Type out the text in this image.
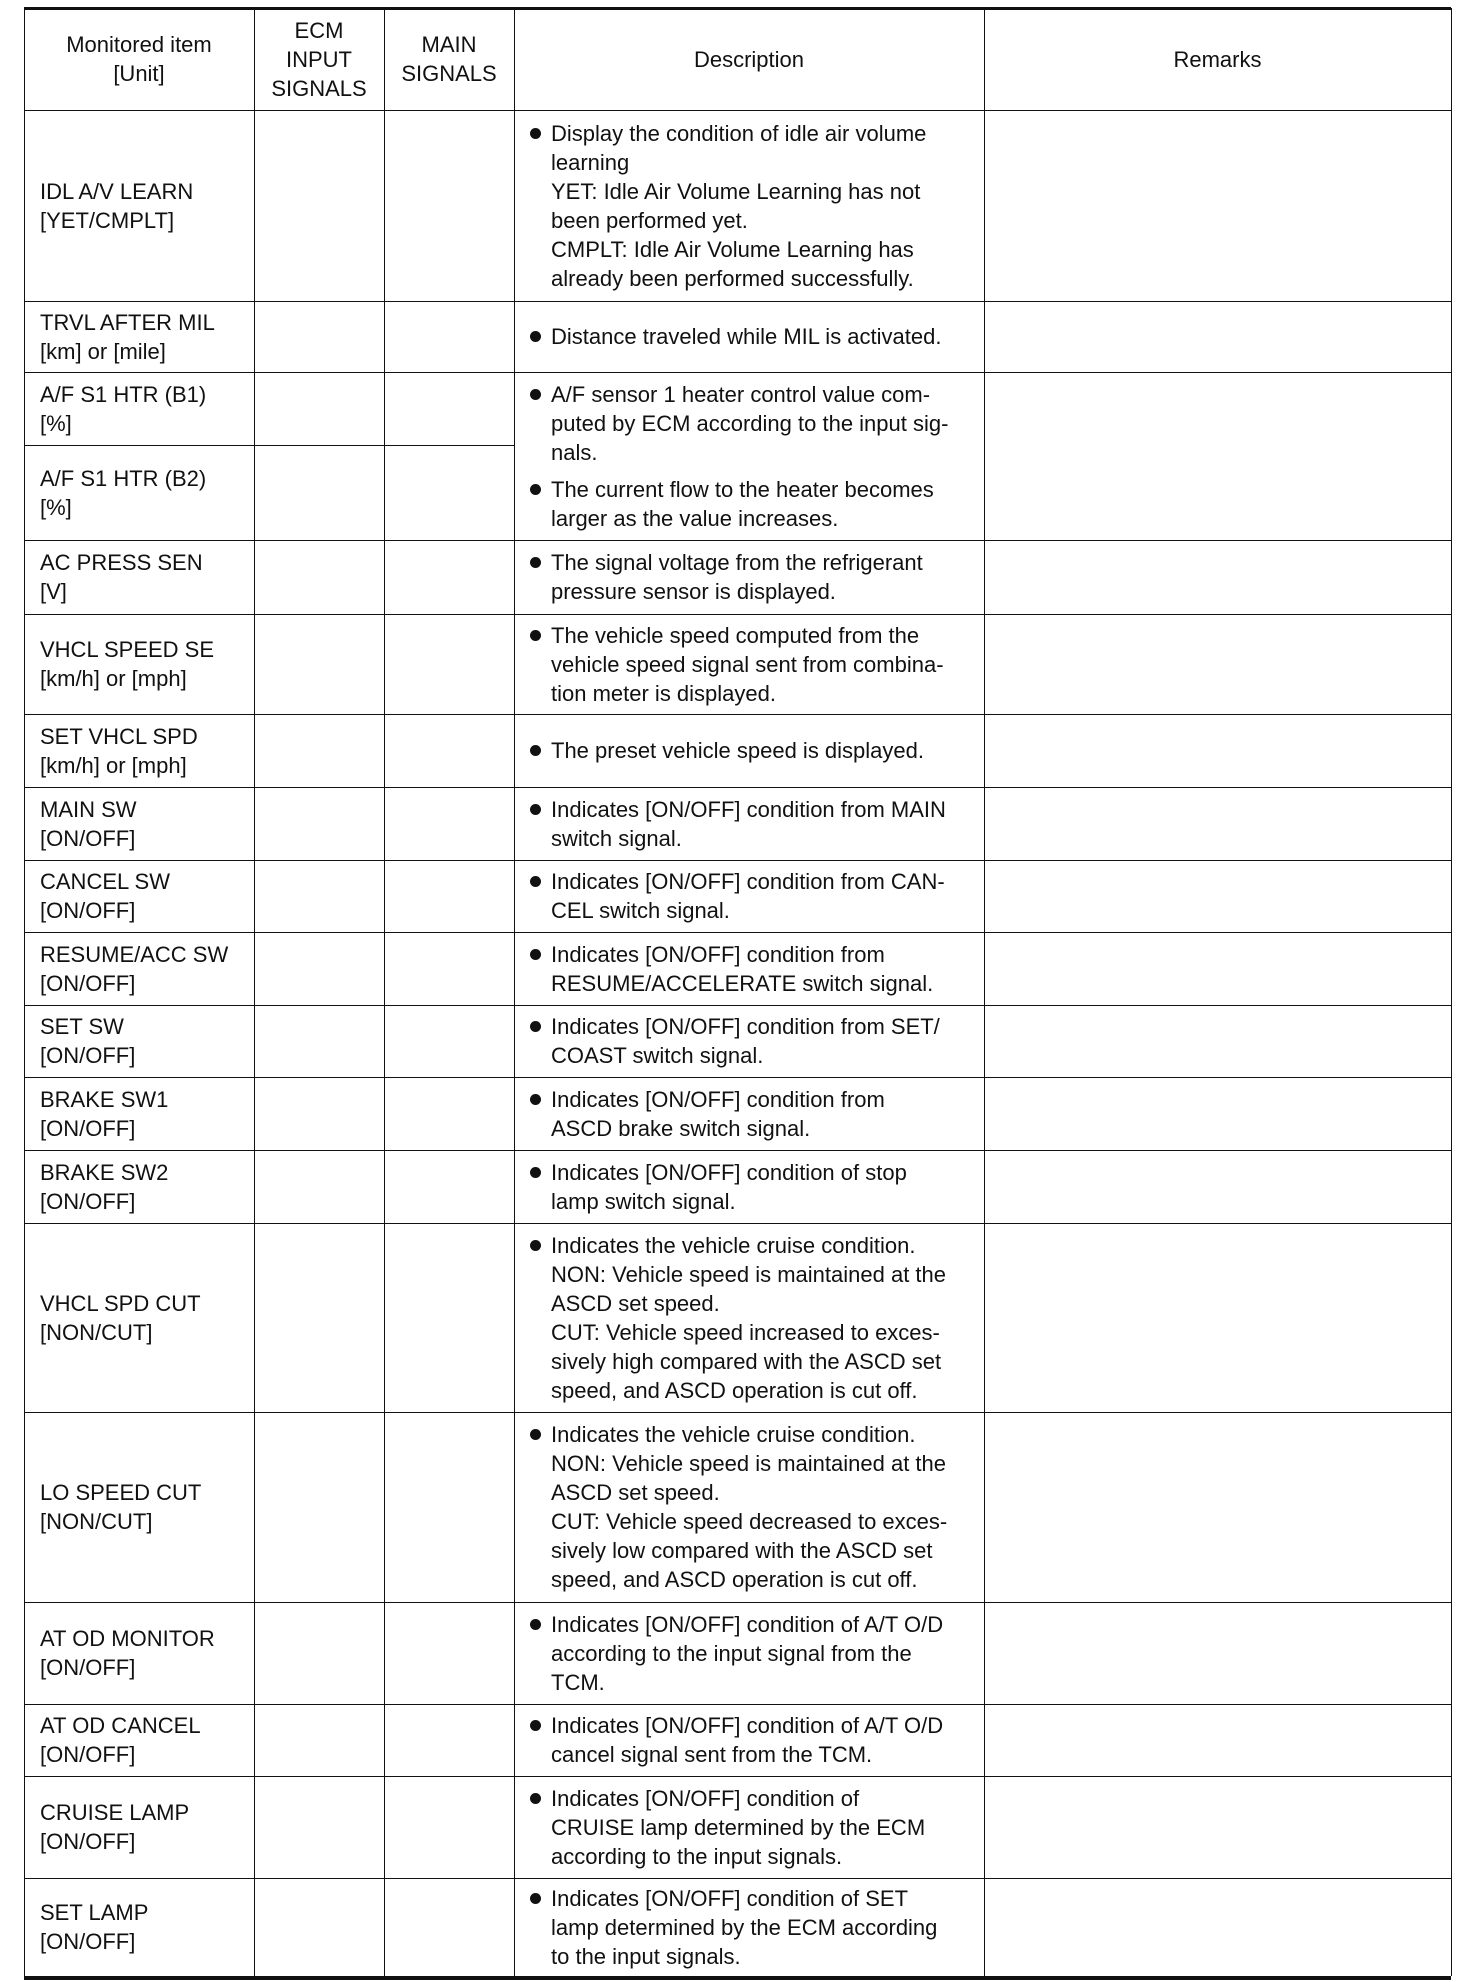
Monitored item
[Unit]
ECM
INPUT
SIGNALS
MAIN
SIGNALS
Description	Remarks
IDL A/V LEARN
[YET/CMPLT]
TRVL AFTER MIL
[km] or [mile]
A/F S1 HTR (B1)
[%]
A/F S1 HTR (B2)
[%]
AC PRESS SEN
[V]
VHCL SPEED SE
[km/h] or [mph]
SET VHCL SPD
[km/h] or [mph]
MAIN SW
[ON/OFF]
CANCEL SW
[ON/OFF]
RESUME/ACC SW
[ON/OFF]
SET SW
[ON/OFF]
BRAKE SW1
[ON/OFF]
BRAKE SW2
[ON/OFF]
VHCL SPD CUT
[NON/CUT]
LO SPEED CUT
[NON/CUT]
AT OD MONITOR
[ON/OFF]
AT OD CANCEL
[ON/OFF]
CRUISE LAMP
[ON/OFF]
SET LAMP
[ON/OFF]
Display the condition of idle air volume
learning
YET: Idle Air Volume Learning has not
been performed yet.
CMPLT: Idle Air Volume Learning has
already been performed successfully.
Distance traveled while MIL is activated.
A/F sensor 1 heater control value com-
puted by ECM according to the input sig-
nals.
The current flow to the heater becomes
larger as the value increases.
The signal voltage from the refrigerant
pressure sensor is displayed.
The vehicle speed computed from the
vehicle speed signal sent from combina-
tion meter is displayed.
The preset vehicle speed is displayed.
Indicates [ON/OFF] condition from MAIN
switch signal.
Indicates [ON/OFF] condition from CAN-
CEL switch signal.
Indicates [ON/OFF] condition from
RESUME/ACCELERATE switch signal.
Indicates [ON/OFF] condition from SET/
COAST switch signal.
Indicates [ON/OFF] condition from
ASCD brake switch signal.
Indicates [ON/OFF] condition of stop
lamp switch signal.
Indicates the vehicle cruise condition.
NON: Vehicle speed is maintained at the
ASCD set speed.
CUT: Vehicle speed increased to exces-
sively high compared with the ASCD set
speed, and ASCD operation is cut off.
Indicates the vehicle cruise condition.
NON: Vehicle speed is maintained at the
ASCD set speed.
CUT: Vehicle speed decreased to exces-
sively low compared with the ASCD set
speed, and ASCD operation is cut off.
Indicates [ON/OFF] condition of A/T O/D
according to the input signal from the
TCM.
Indicates [ON/OFF] condition of A/T O/D
cancel signal sent from the TCM.
Indicates [ON/OFF] condition of
CRUISE lamp determined by the ECM
according to the input signals.
Indicates [ON/OFF] condition of SET
lamp determined by the ECM according
to the input signals.
